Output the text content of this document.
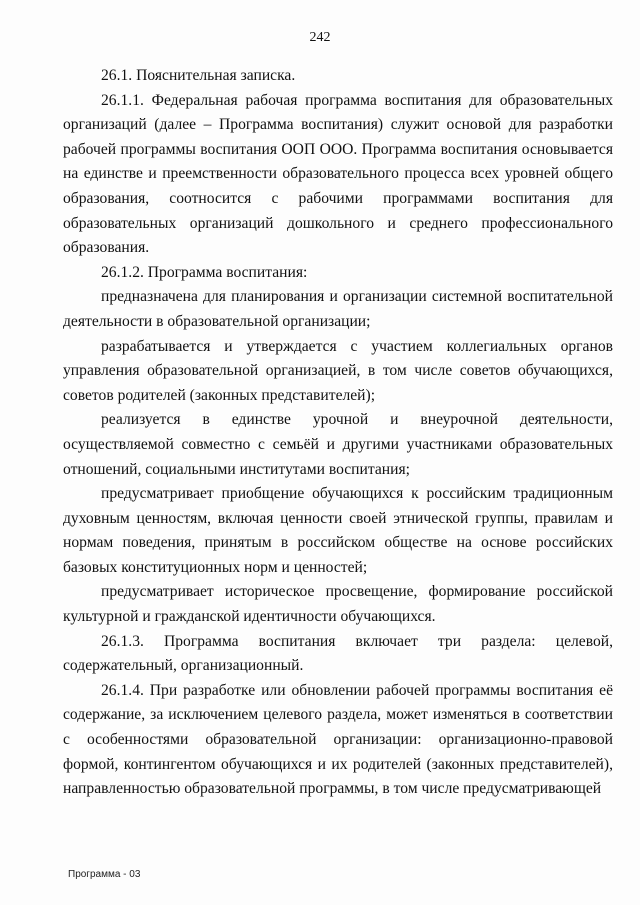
242

26.1. Пояснительная записка.

26.1.1. Федеральная рабочая программа воспитания для образовательных организаций (далее – Программа воспитания) служит основой для разработки рабочей программы воспитания ООП ООО. Программа воспитания основывается на единстве и преемственности образовательного процесса всех уровней общего образования, соотносится с рабочими программами воспитания для образовательных организаций дошкольного и среднего профессионального образования.

26.1.2. Программа воспитания:

предназначена для планирования и организации системной воспитательной деятельности в образовательной организации;

разрабатывается и утверждается с участием коллегиальных органов управления образовательной организацией, в том числе советов обучающихся, советов родителей (законных представителей);

реализуется в единстве урочной и внеурочной деятельности, осуществляемой совместно с семьёй и другими участниками образовательных отношений, социальными институтами воспитания;

предусматривает приобщение обучающихся к российским традиционным духовным ценностям, включая ценности своей этнической группы, правилам и нормам поведения, принятым в российском обществе на основе российских базовых конституционных норм и ценностей;

предусматривает историческое просвещение, формирование российской культурной и гражданской идентичности обучающихся.

26.1.3. Программа воспитания включает три раздела: целевой, содержательный, организационный.

26.1.4. При разработке или обновлении рабочей программы воспитания её содержание, за исключением целевого раздела, может изменяться в соответствии с особенностями образовательной организации: организационно-правовой формой, контингентом обучающихся и их родителей (законных представителей), направленностью образовательной программы, в том числе предусматривающей

Программа - 03
